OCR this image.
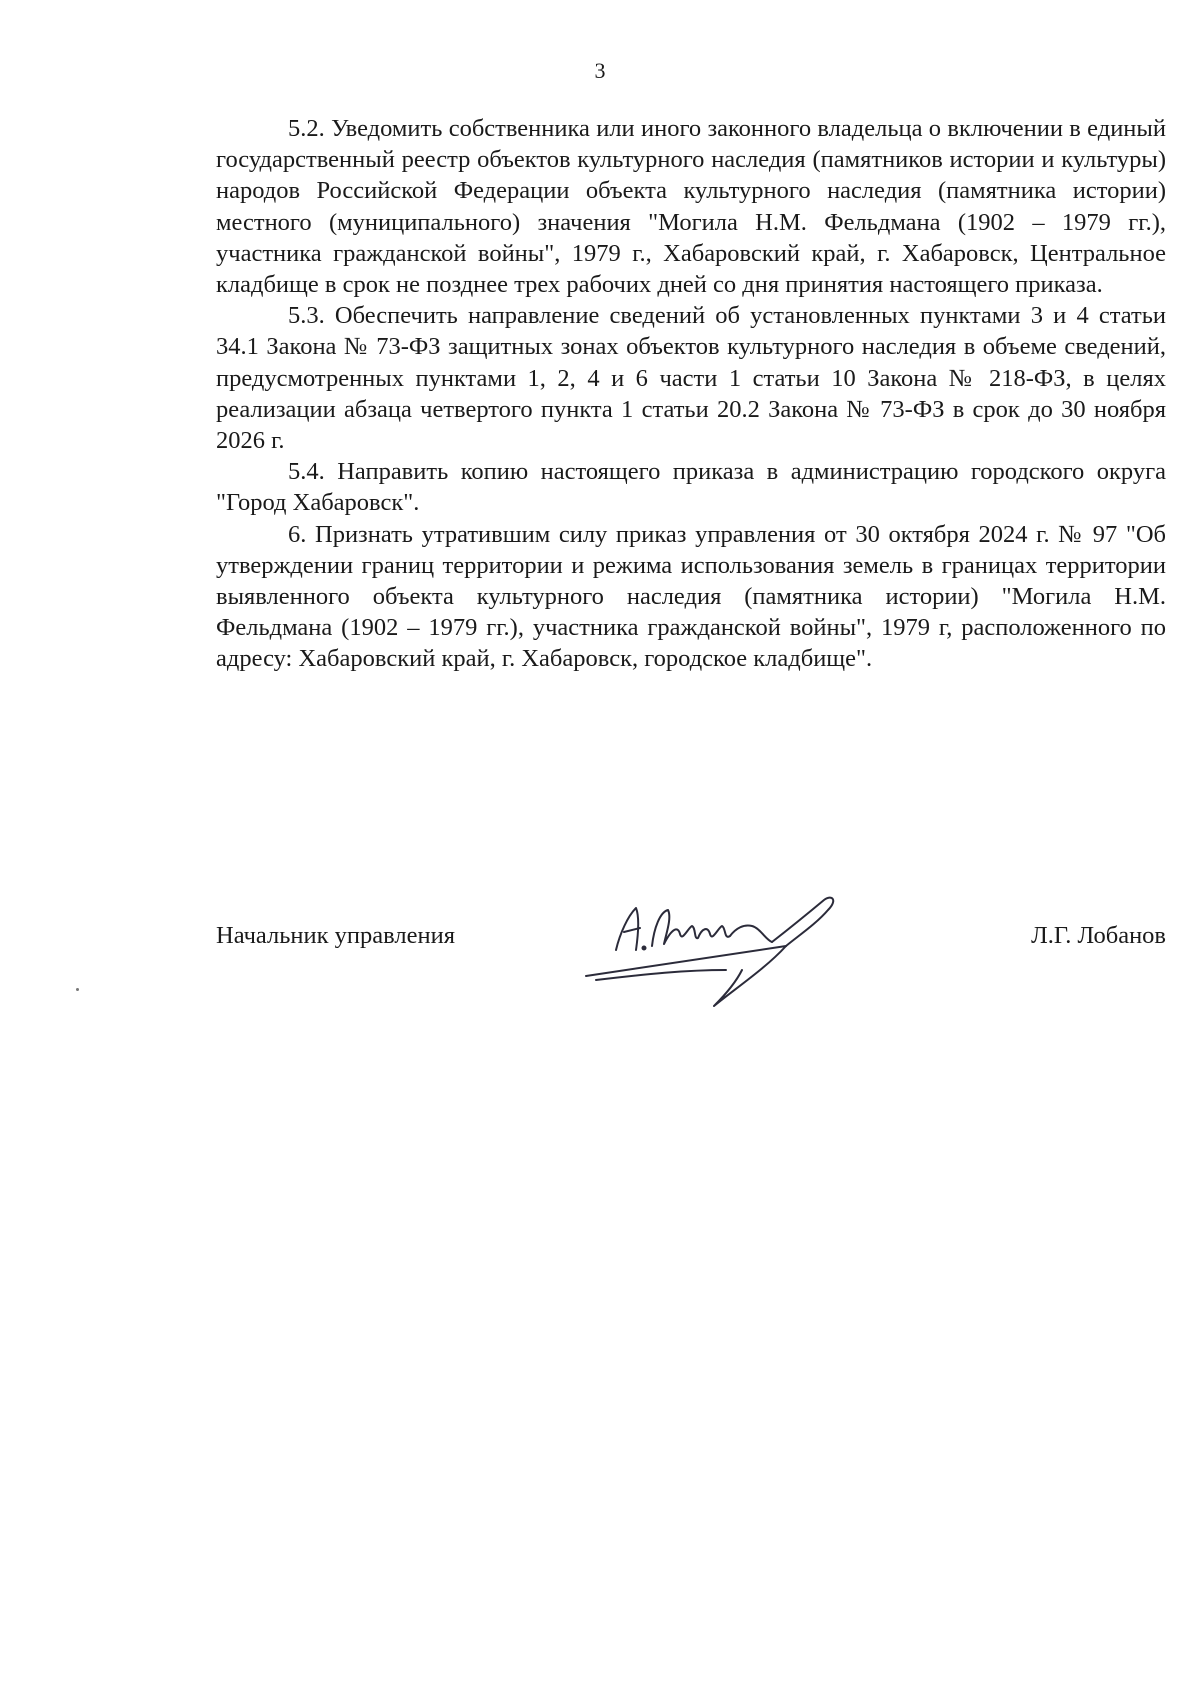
3

5.2. Уведомить собственника или иного законного владельца о включении в единый государственный реестр объектов культурного наследия (памятников истории и культуры) народов Российской Федерации объекта культурного наследия (памятника истории) местного (муниципального) значения "Могила Н.М. Фельдмана (1902 – 1979 гг.), участника гражданской войны", 1979 г., Хабаровский край, г. Хабаровск, Центральное кладбище в срок не позднее трех рабочих дней со дня принятия настоящего приказа.

5.3. Обеспечить направление сведений об установленных пунктами 3 и 4 статьи 34.1 Закона № 73-ФЗ защитных зонах объектов культурного наследия в объеме сведений, предусмотренных пунктами 1, 2, 4 и 6 части 1 статьи 10 Закона № 218-ФЗ, в целях реализации абзаца четвертого пункта 1 статьи 20.2 Закона № 73-ФЗ в срок до 30 ноября 2026 г.

5.4. Направить копию настоящего приказа в администрацию городского округа "Город Хабаровск".

6. Признать утратившим силу приказ управления от 30 октября 2024 г. № 97 "Об утверждении границ территории и режима использования земель в границах территории выявленного объекта культурного наследия (памятника истории) "Могила Н.М. Фельдмана (1902 – 1979 гг.), участника гражданской войны", 1979 г, расположенного по адресу: Хабаровский край, г. Хабаровск, городское кладбище".

Начальник управления	Л.Г. Лобанов
